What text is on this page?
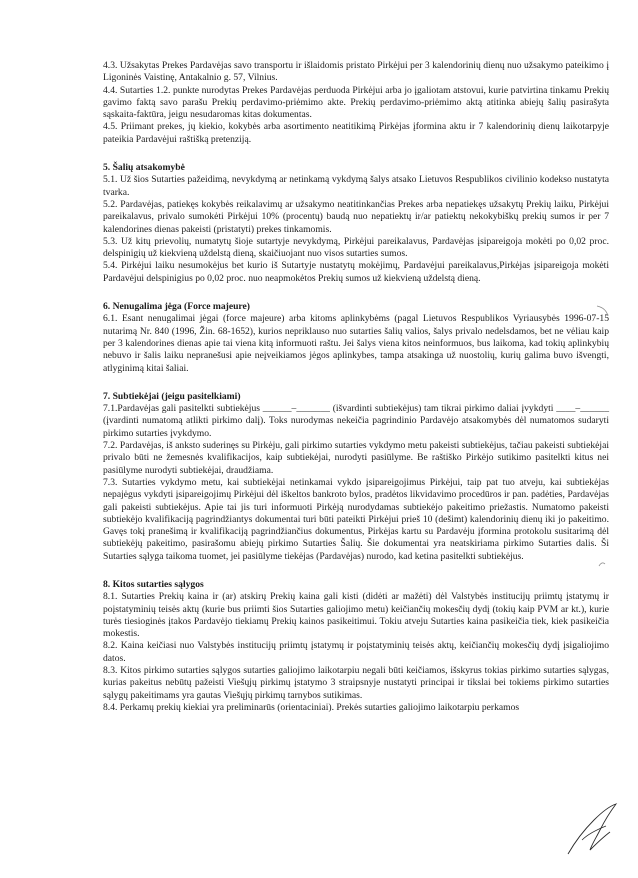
4.3. Užsakytas Prekes Pardavėjas savo transportu ir išlaidomis pristato Pirkėjui per 3 kalendorinių dienų nuo užsakymo pateikimo į Ligoninės Vaistinę, Antakalnio g. 57, Vilnius.

4.4. Sutarties 1.2. punkte nurodytas Prekes Pardavėjas perduoda Pirkėjui arba jo įgaliotam atstovui, kurie patvirtina tinkamu Prekių gavimo faktą savo parašu Prekių perdavimo-priėmimo akte. Prekių perdavimo-priėmimo aktą atitinka abiejų šalių pasirašyta sąskaita-faktūra, jeigu nesudaromas kitas dokumentas.

4.5. Priimant prekes, jų kiekio, kokybės arba asortimento neatitikimą Pirkėjas įformina aktu ir 7 kalendorinių dienų laikotarpyje pateikia Pardavėjui raštišką pretenziją.

5. Šalių atsakomybė

5.1. Už šios Sutarties pažeidimą, nevykdymą ar netinkamą vykdymą šalys atsako Lietuvos Respublikos civilinio kodekso nustatyta tvarka.

5.2. Pardavėjas, patiekęs kokybės reikalavimų ar užsakymo neatitinkančias Prekes arba nepatiekęs užsakytų Prekių laiku, Pirkėjui pareikalavus, privalo sumokėti Pirkėjui 10% (procentų) baudą nuo nepatiektų ir/ar patiektų nekokybiškų prekių sumos ir per 7 kalendorines dienas pakeisti (pristatyti) prekes tinkamomis.

5.3. Už kitų prievolių, numatytų šioje sutartyje nevykdymą, Pirkėjui pareikalavus, Pardavėjas įsipareigoja mokėti po 0,02 proc. delspinigių už kiekvieną uždelstą dieną, skaičiuojant nuo visos sutarties sumos.

5.4. Pirkėjui laiku nesumokėjus bet kurio iš Sutartyje nustatytų mokėjimų, Pardavėjui pareikalavus,Pirkėjas įsipareigoja mokėti Pardavėjui delspinigius po 0,02 proc. nuo neapmokėtos Prekių sumos už kiekvieną uždelstą dieną.

6. Nenugalima jėga (Force majeure)

6.1. Esant nenugalimai jėgai (force majeure) arba kitoms aplinkybėms (pagal Lietuvos Respublikos Vyriausybės 1996-07-15 nutarimą Nr. 840 (1996, Žin. 68-1652), kurios nepriklauso nuo sutarties šalių valios, šalys privalo nedelsdamos, bet ne vėliau kaip per 3 kalendorines dienas apie tai viena kitą informuoti raštu. Jei šalys viena kitos neinformuos, bus laikoma, kad tokių aplinkybių nebuvo ir šalis laiku nepranešusi apie neįveikiamos jėgos aplinkybes, tampa atsakinga už nuostolių, kurių galima buvo išvengti, atlyginimą kitai šaliai.

7. Subtiekėjai (jeigu pasitelkiami)

7.1.Pardavėjas gali pasitelkti subtiekėjus ______–_______ (išvardinti subtiekėjus) tam tikrai pirkimo daliai įvykdyti ____–______ (įvardinti numatomą atlikti pirkimo dalį). Toks nurodymas nekeičia pagrindinio Pardavėjo atsakomybės dėl numatomos sudaryti pirkimo sutarties įvykdymo.

7.2. Pardavėjas, iš anksto suderinęs su Pirkėju, gali pirkimo sutarties vykdymo metu pakeisti subtiekėjus, tačiau pakeisti subtiekėjai privalo būti ne žemesnės kvalifikacijos, kaip subtiekėjai, nurodyti pasiūlyme. Be raštiško Pirkėjo sutikimo pasitelkti kitus nei pasiūlyme nurodyti subtiekėjai, draudžiama.

7.3. Sutarties vykdymo metu, kai subtiekėjai netinkamai vykdo įsipareigojimus Pirkėjui, taip pat tuo atveju, kai subtiekėjas nepajėgus vykdyti įsipareigojimų Pirkėjui dėl iškeltos bankroto bylos, pradėtos likvidavimo procedūros ir pan. padėties, Pardavėjas gali pakeisti subtiekėjus. Apie tai jis turi informuoti Pirkėją nurodydamas subtiekėjo pakeitimo priežastis. Numatomo pakeisti subtiekėjo kvalifikaciją pagrindžiantys dokumentai turi būti pateikti Pirkėjui prieš 10 (dešimt) kalendorinių dienų iki jo pakeitimo. Gavęs tokį pranešimą ir kvalifikaciją pagrindžiančius dokumentus, Pirkėjas kartu su Pardavėju įformina protokolu susitarimą dėl subtiekėjų pakeitimo, pasirašomu abiejų pirkimo Sutarties Šalių. Šie dokumentai yra neatskiriama pirkimo Sutarties dalis. Ši Sutarties sąlyga taikoma tuomet, jei pasiūlyme tiekėjas (Pardavėjas) nurodo, kad ketina pasitelkti subtiekėjus.

8. Kitos sutarties sąlygos

8.1. Sutarties Prekių kaina ir (ar) atskirų Prekių kaina gali kisti (didėti ar mažėti) dėl Valstybės institucijų priimtų įstatymų ir poįstatyminių teisės aktų (kurie bus priimti šios Sutarties galiojimo metu) keičiančių mokesčių dydį (tokių kaip PVM ar kt.), kurie turės tiesioginės įtakos Pardavėjo tiekiamų Prekių kainos pasikeitimui. Tokiu atveju Sutarties kaina pasikeičia tiek, kiek pasikeičia mokestis.

8.2. Kaina keičiasi nuo Valstybės institucijų priimtų įstatymų ir poįstatyminių teisės aktų, keičiančių mokesčių dydį įsigaliojimo datos.

8.3. Kitos pirkimo sutarties sąlygos sutarties galiojimo laikotarpiu negali būti keičiamos, išskyrus tokias pirkimo sutarties sąlygas, kurias pakeitus nebūtų pažeisti Viešųjų pirkimų įstatymo 3 straipsnyje nustatyti principai ir tikslai bei tokiems pirkimo sutarties sąlygų pakeitimams yra gautas Viešųjų pirkimų tarnybos sutikimas.

8.4. Perkamų prekių kiekiai yra preliminarūs (orientaciniai). Prekės sutarties galiojimo laikotarpiu perkamos
